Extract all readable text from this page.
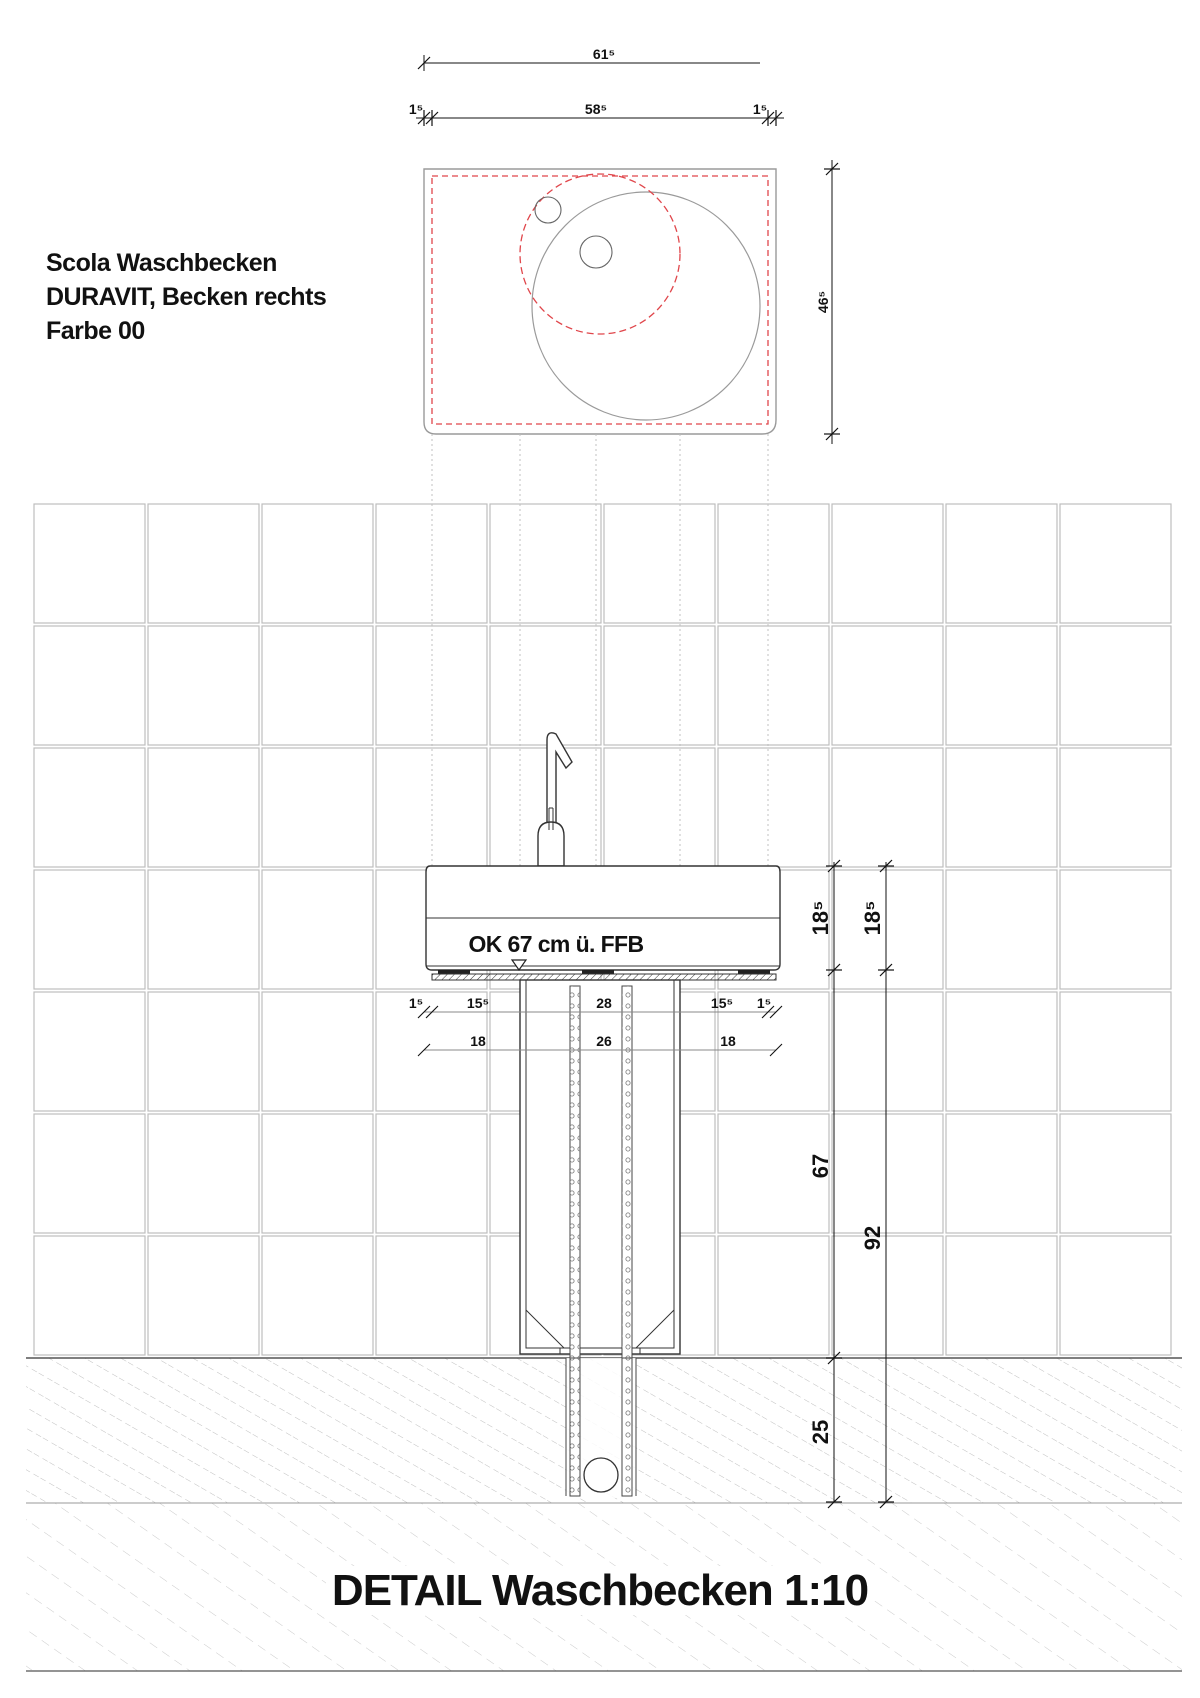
61⁵
1⁵	58⁵	1⁵
46⁵
18⁵ 18⁵
OK 67 cm ü. FFB
1⁵	15⁵	28	15⁵ 1⁵
18	26	18
67
92
25
Scola Waschbecken
DURAVIT, Becken rechts
Farbe 00
DETAIL Waschbecken 1:10
